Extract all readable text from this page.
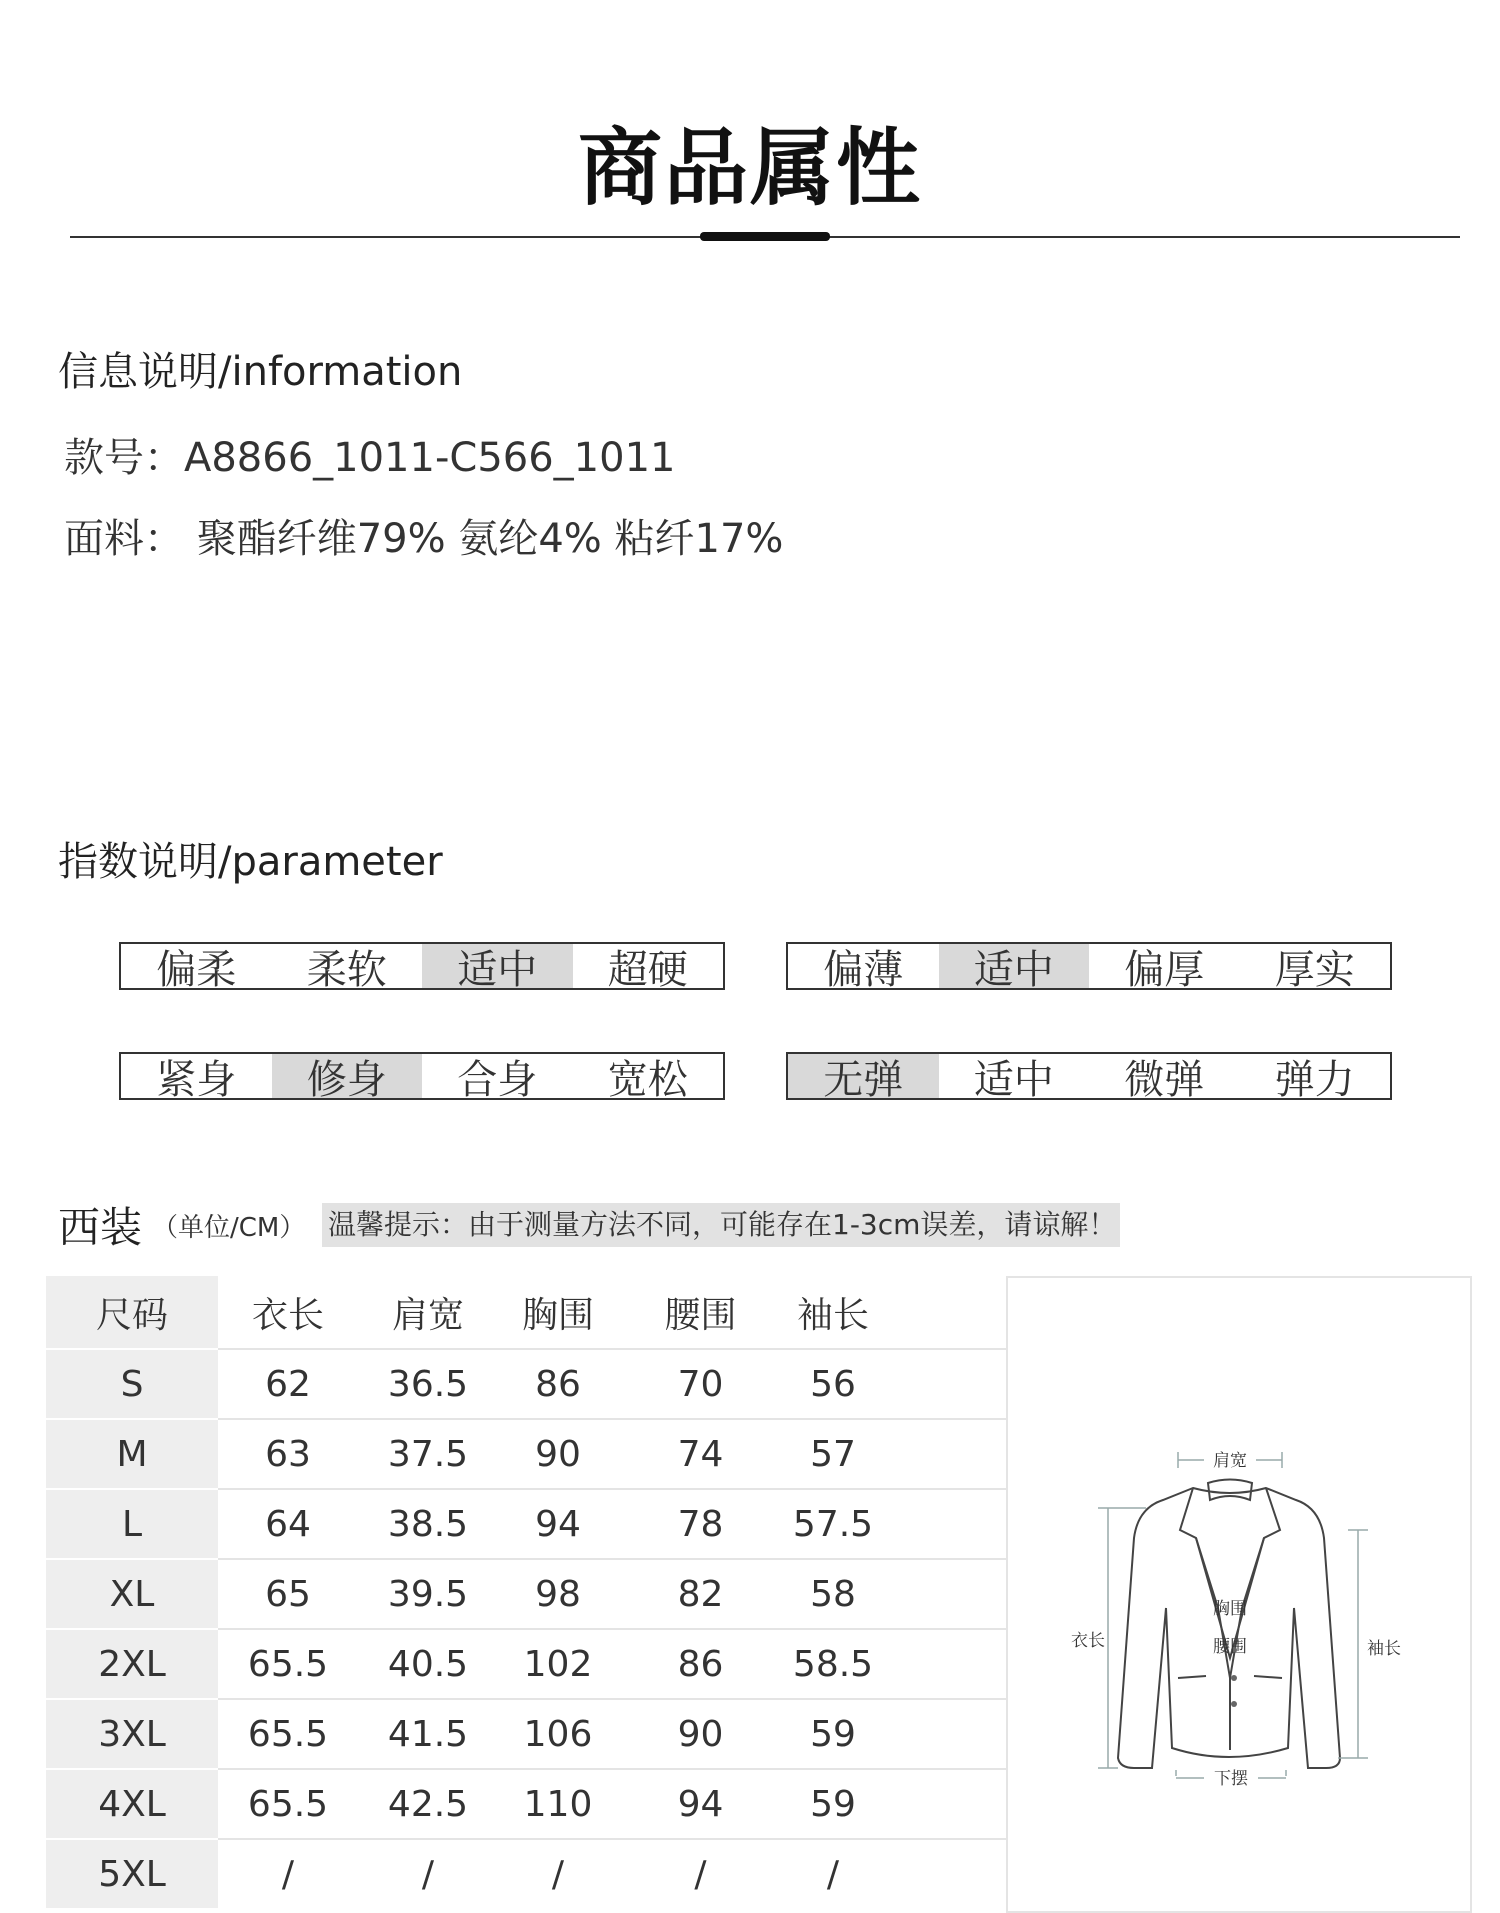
商品属性
信息说明/information
款号：A8866_1011-C566_1011
面料： 聚酯纤维79% 氨纶4% 粘纤17%
指数说明/parameter
偏柔	柔软	适中	超硬	偏薄	适中	偏厚	厚实
紧身	修身	合身	宽松	无弹	适中	微弹	弹力
西装 （单位/CM） 温馨提示：由于测量方法不同，可能存在1-3cm误差，请谅解！
尺码	衣长	肩宽	胸围	腰围	袖长	
S	62	36.5	86	70	56	
M	63	37.5	90	74	57	
L	64	38.5	94	78	57.5	
XL	65	39.5	98	82	58	
2XL	65.5	40.5	102	86	58.5	
3XL	65.5	41.5	106	90	59	
4XL	65.5	42.5	110	94	59	
5XL	/	/	/	/	/	
肩宽
衣长	袖长
胸围
腰围
下摆
